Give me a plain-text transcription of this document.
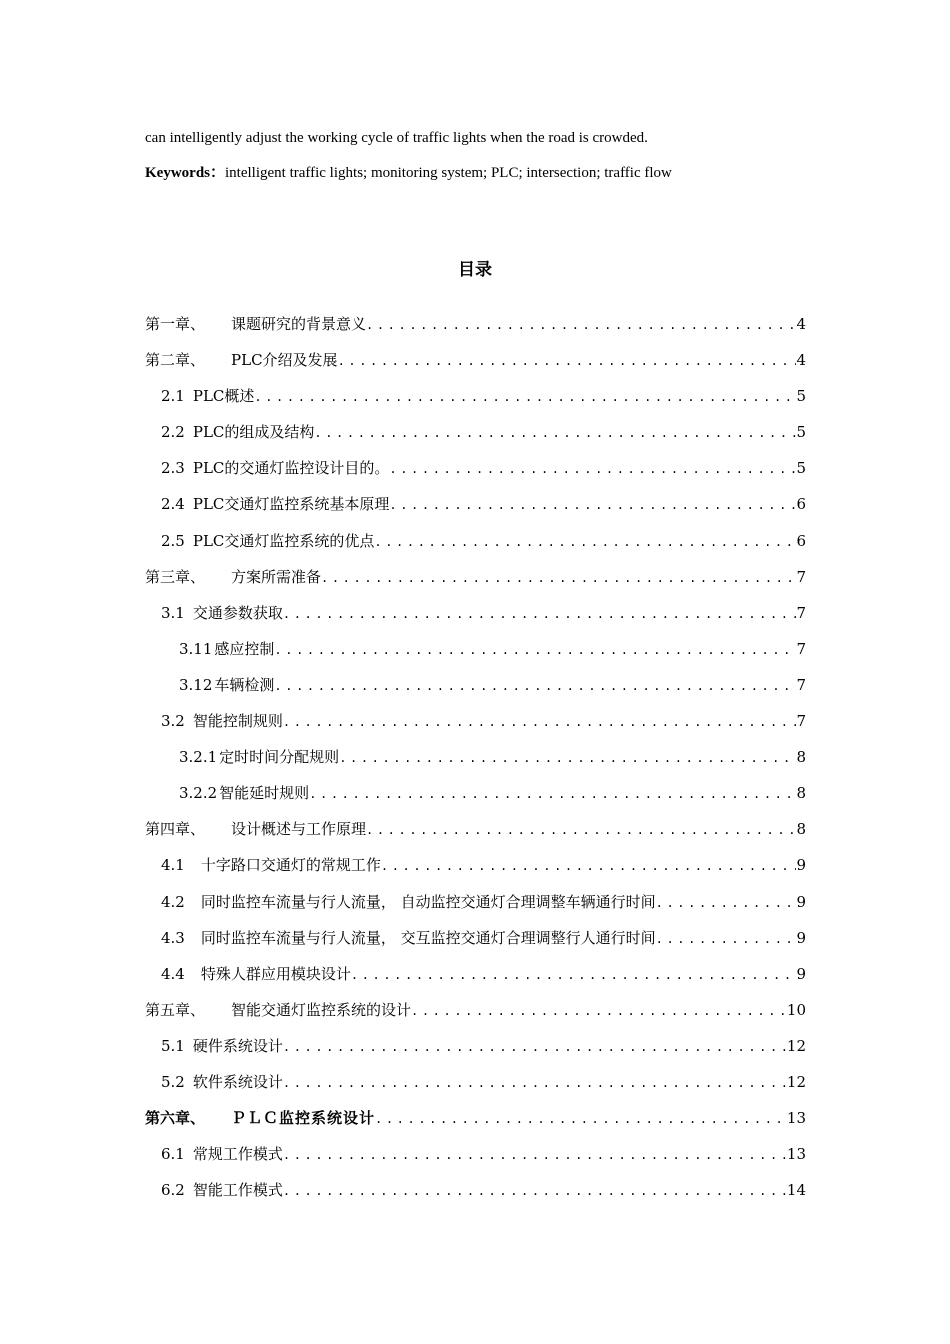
can intelligently adjust the working cycle of traffic lights when the road is crowded.
Keywords：intelligent traffic lights; monitoring system; PLC; intersection; traffic flow
目录
第一章、 课题研究的背景意义 .....	4
第二章、 PLC介绍及发展 .....	4
2.1 PLC概述 .....	5
2.2 PLC的组成及结构 .....	5
2.3 PLC的交通灯监控设计目的。 .....	5
2.4 PLC交通灯监控系统基本原理 .....	6
2.5 PLC交通灯监控系统的优点 .....	6
第三章、 方案所需准备 .....	7
3.1 交通参数获取 .....	7
3.11 感应控制 .....	7
3.12 车辆检测 .....	7
3.2 智能控制规则 .....	7
3.2.1 定时时间分配规则 .....	8
3.2.2 智能延时规则 .....	8
第四章、 设计概述与工作原理 .....	8
4.1 十字路口交通灯的常规工作 .....	9
4.2 同时监控车流量与行人流量， 自动监控交通灯合理调整车辆通行时间 .....	9
4.3 同时监控车流量与行人流量， 交互监控交通灯合理调整行人通行时间 .....	9
4.4 特殊人群应用模块设计 .....	9
第五章、 智能交通灯监控系统的设计 .....	10
5.1 硬件系统设计 .....	12
5.2 软件系统设计 .....	12
第六章、 ＰＬＣ监控系统设计 .....	13
6.1 常规工作模式 .....	13
6.2 智能工作模式 .....	14
